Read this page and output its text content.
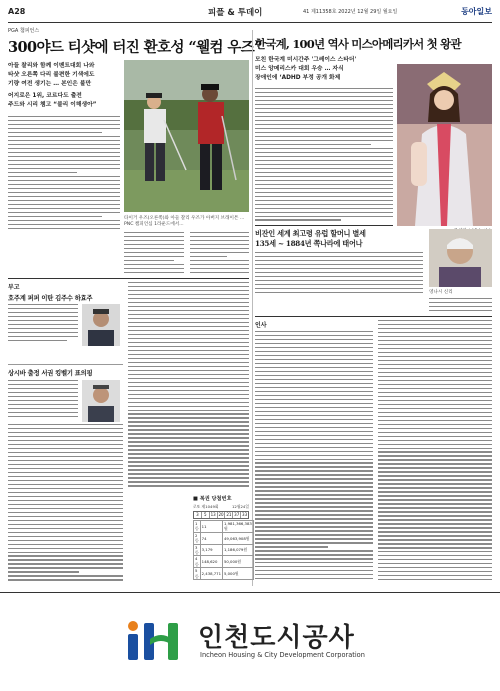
A28	피플 & 투데이	41 제11358호 2022년 12월 29일 월요일	동아일보
PGA 챔피언스
300야드 티샷에 터진 환호성 “웰컴 우즈”
아들 찰리와 함께 이벤트대회 나와
타샷 오른쪽 다리 불편한 기색에도
기량 여전 생기는 … 본인은 불만
어지로은 1위, 코르다도 출전
주드와 시리 챔고 “블리 이해생아”
타이거 우즈(오른쪽)와 아들 찰리 우즈가 아버지 브래이튼 ... PNC 챔피언십 1라운드에서...
부고
호주계 퍼퍼 이탄 김주수 하효주
상시바 출정 서권 킹벨기 표의핑
■ 복권 당첨번호
로또 제1049회	12월24일
3	5	13 20 21 37 33
1등	11	1,981,366,383원
2등	74	49,063,908원
3등	3,179	1,186,079원
4등	148,620	50,000원
5등	2,438,771	5,000원
한국계, 100년 역사 미스아메리카서 첫 왕관
모친 한국계 미시간주 '그레이스 스타더'
미스 앙메리스카 대회 우승 … 자식
장애인에 ‘ADHD 부정 공개 화제
비잔인 세계 최고령 유럽 할머니 별세
135세 ~ 1884년 쪽나라에 태어나
영나시 신리
인사
인천도시공사
Incheon Housing & City Development Corporation
